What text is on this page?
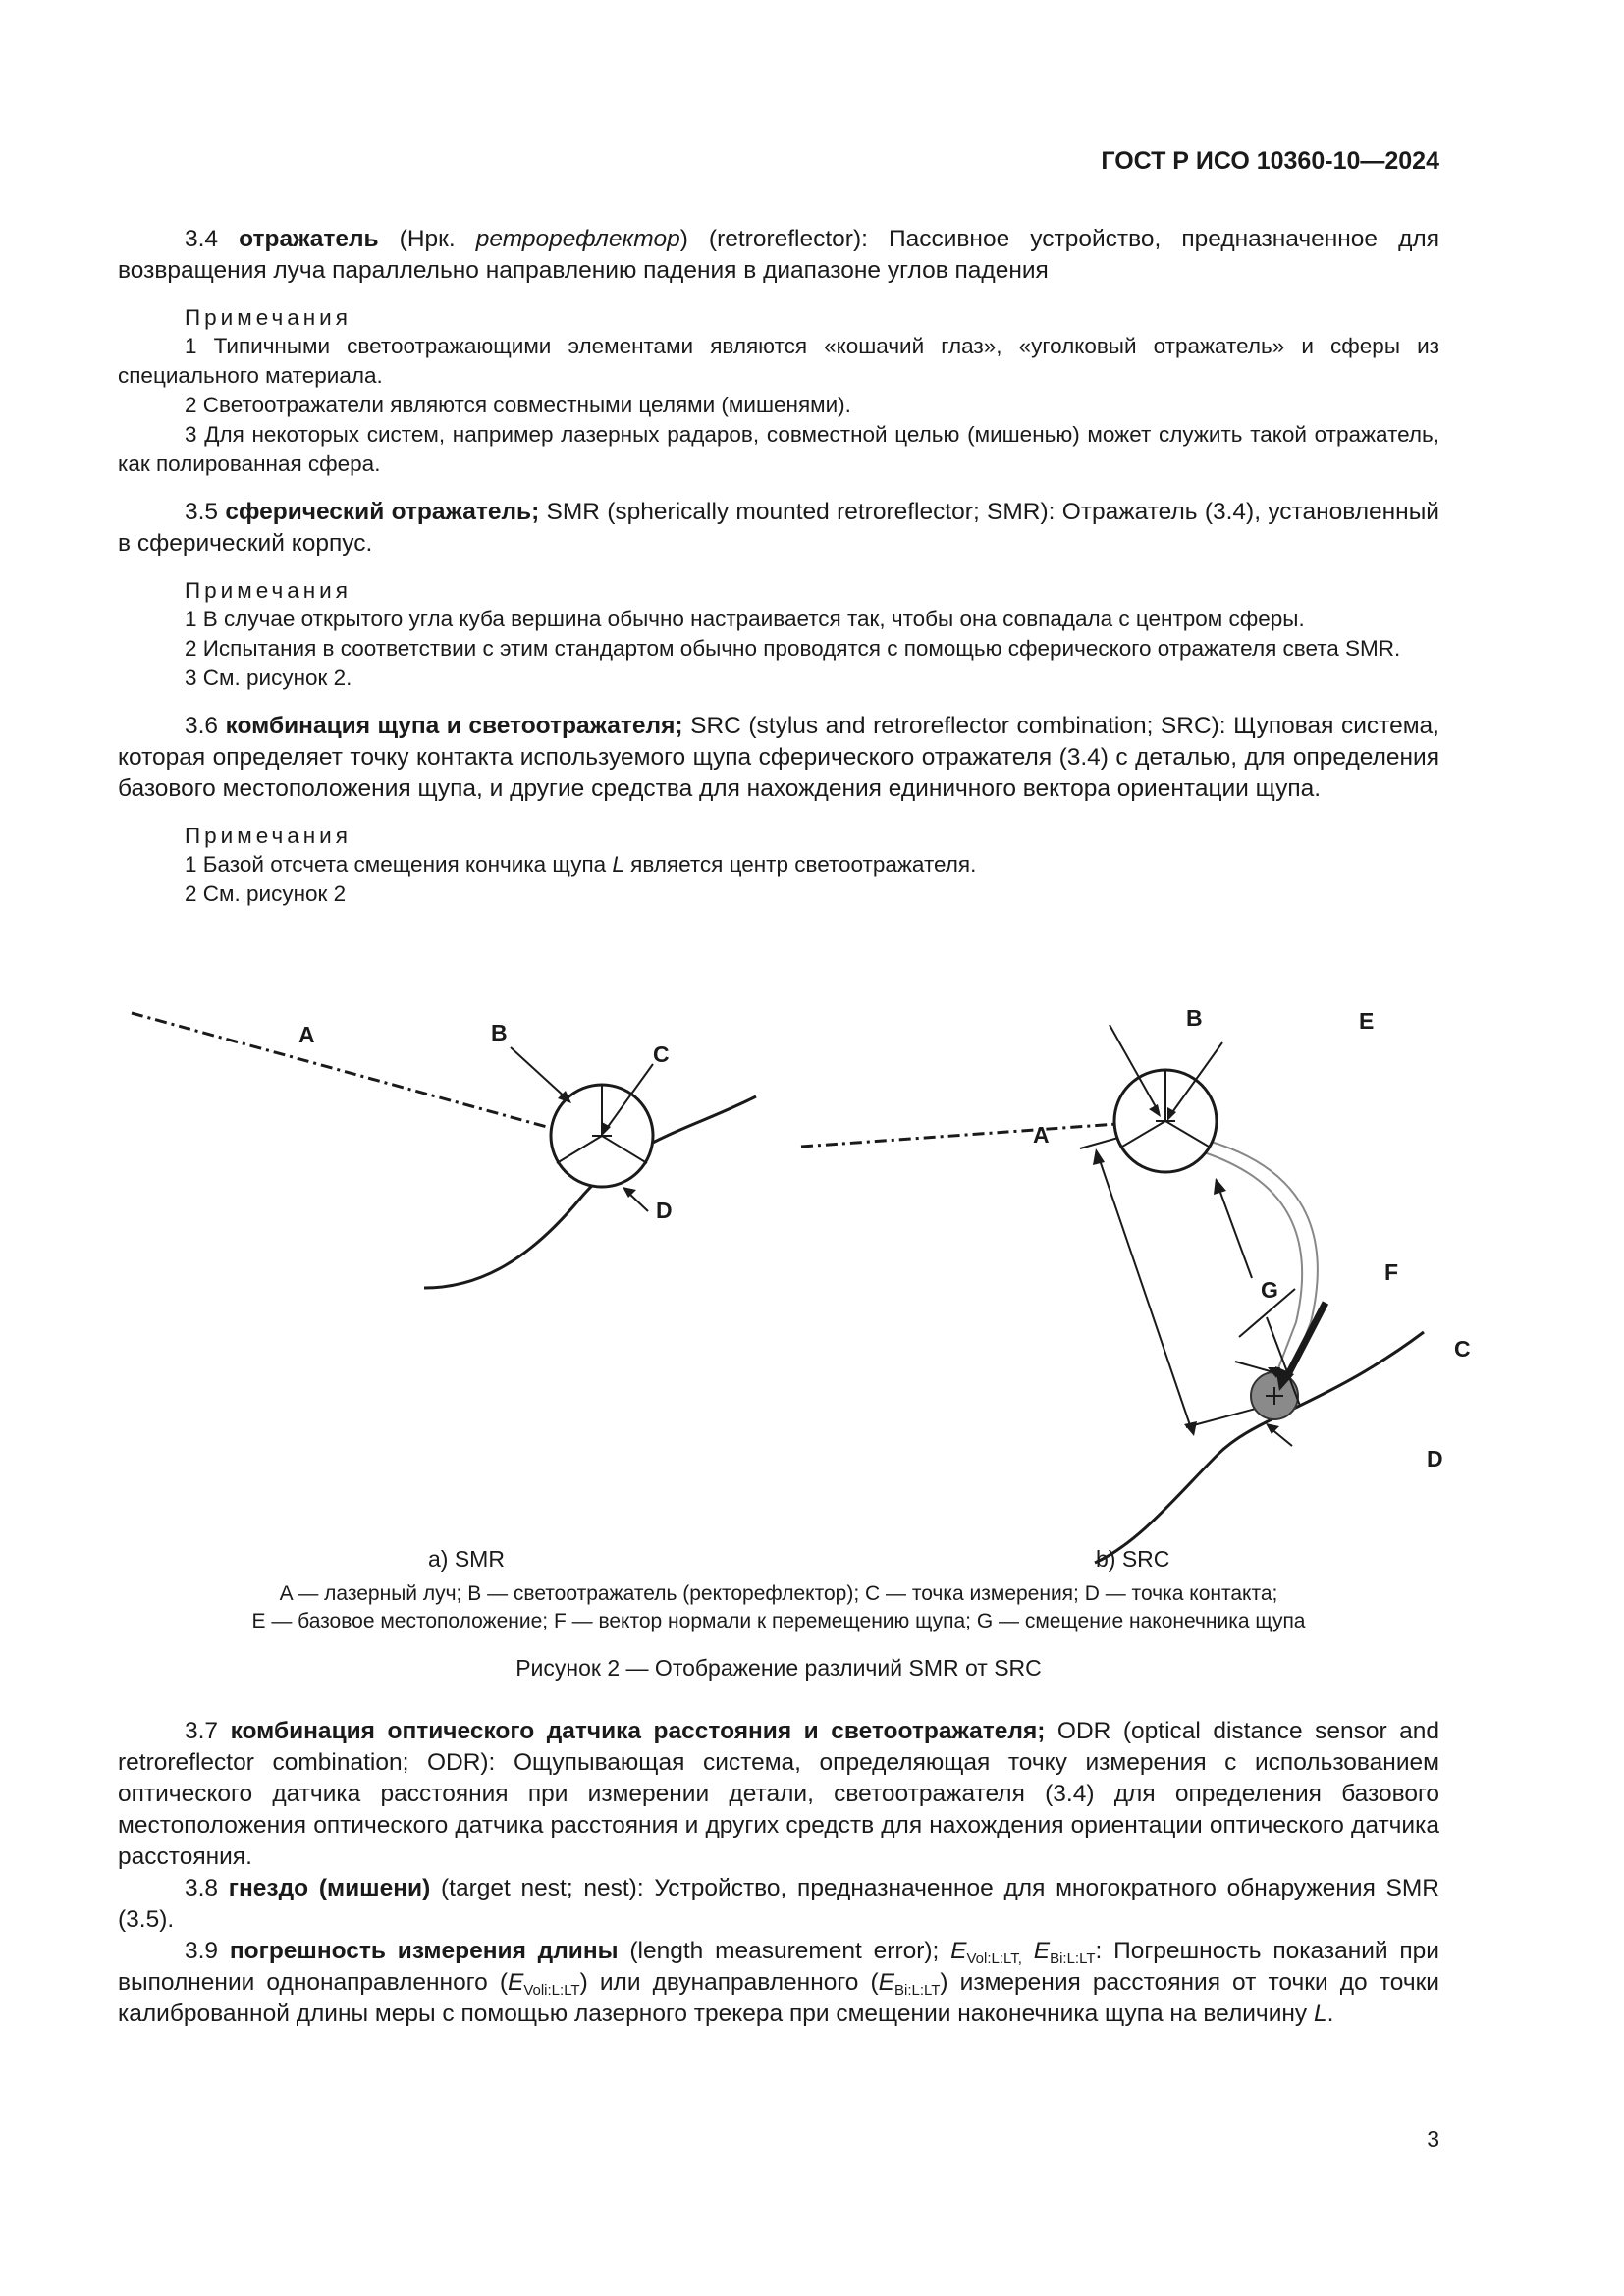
ГОСТ Р ИСО 10360-10—2024

3.4 отражатель (Нрк. ретрорефлектор) (retroreflector): Пассивное устройство, предназначенное для возвращения луча параллельно направлению падения в диапазоне углов падения

Примечания

1 Типичными светоотражающими элементами являются «кошачий глаз», «уголковый отражатель» и сферы из специального материала.

2 Светоотражатели являются совместными целями (мишенями).

3 Для некоторых систем, например лазерных радаров, совместной целью (мишенью) может служить такой отражатель, как полированная сфера.

3.5 сферический отражатель; SMR (spherically mounted retroreflector; SMR): Отражатель (3.4), установленный в сферический корпус.

Примечания

1 В случае открытого угла куба вершина обычно настраивается так, чтобы она совпадала с центром сферы.

2 Испытания в соответствии с этим стандартом обычно проводятся с помощью сферического отражателя света SMR.

3 См. рисунок 2.

3.6 комбинация щупа и светоотражателя; SRC (stylus and retroreflector combination; SRC): Щуповая система, которая определяет точку контакта используемого щупа сферического отражателя (3.4) с деталью, для определения базового местоположения щупа, и другие средства для нахождения единичного вектора ориентации щупа.

Примечания

1 Базой отсчета смещения кончика щупа L является центр светоотражателя.

2 См. рисунок 2

A	B
C
D
a) SMR
A
B	E
G
F
C
D
b) SRC
A — лазерный луч; B — светоотражатель (ректорефлектор); C — точка измерения; D — точка контакта;
E — базовое местоположение; F — вектор нормали к перемещению щупа; G — смещение наконечника щупа
Рисунок 2 — Отображение различий SMR от SRC

3.7 комбинация оптического датчика расстояния и светоотражателя; ODR (optical distance sensor and retroreflector combination; ODR): Ощупывающая система, определяющая точку измерения с использованием оптического датчика расстояния при измерении детали, светоотражателя (3.4) для определения базового местоположения оптического датчика расстояния и других средств для нахождения ориентации оптического датчика расстояния.

3.8 гнездо (мишени) (target nest; nest): Устройство, предназначенное для многократного обнаружения SMR (3.5).

3.9 погрешность измерения длины (length measurement error); $E_{Vol:L:LT,}$ $E_{Bi:L:LT}$: Погрешность показаний при выполнении однонаправленного $(E_{Voli:L:LT})$ или двунаправленного $(E_{Bi:L:LT})$ измерения расстояния от точки до точки калиброванной длины меры с помощью лазерного трекера при смещении наконечника щупа на величину L.

3
